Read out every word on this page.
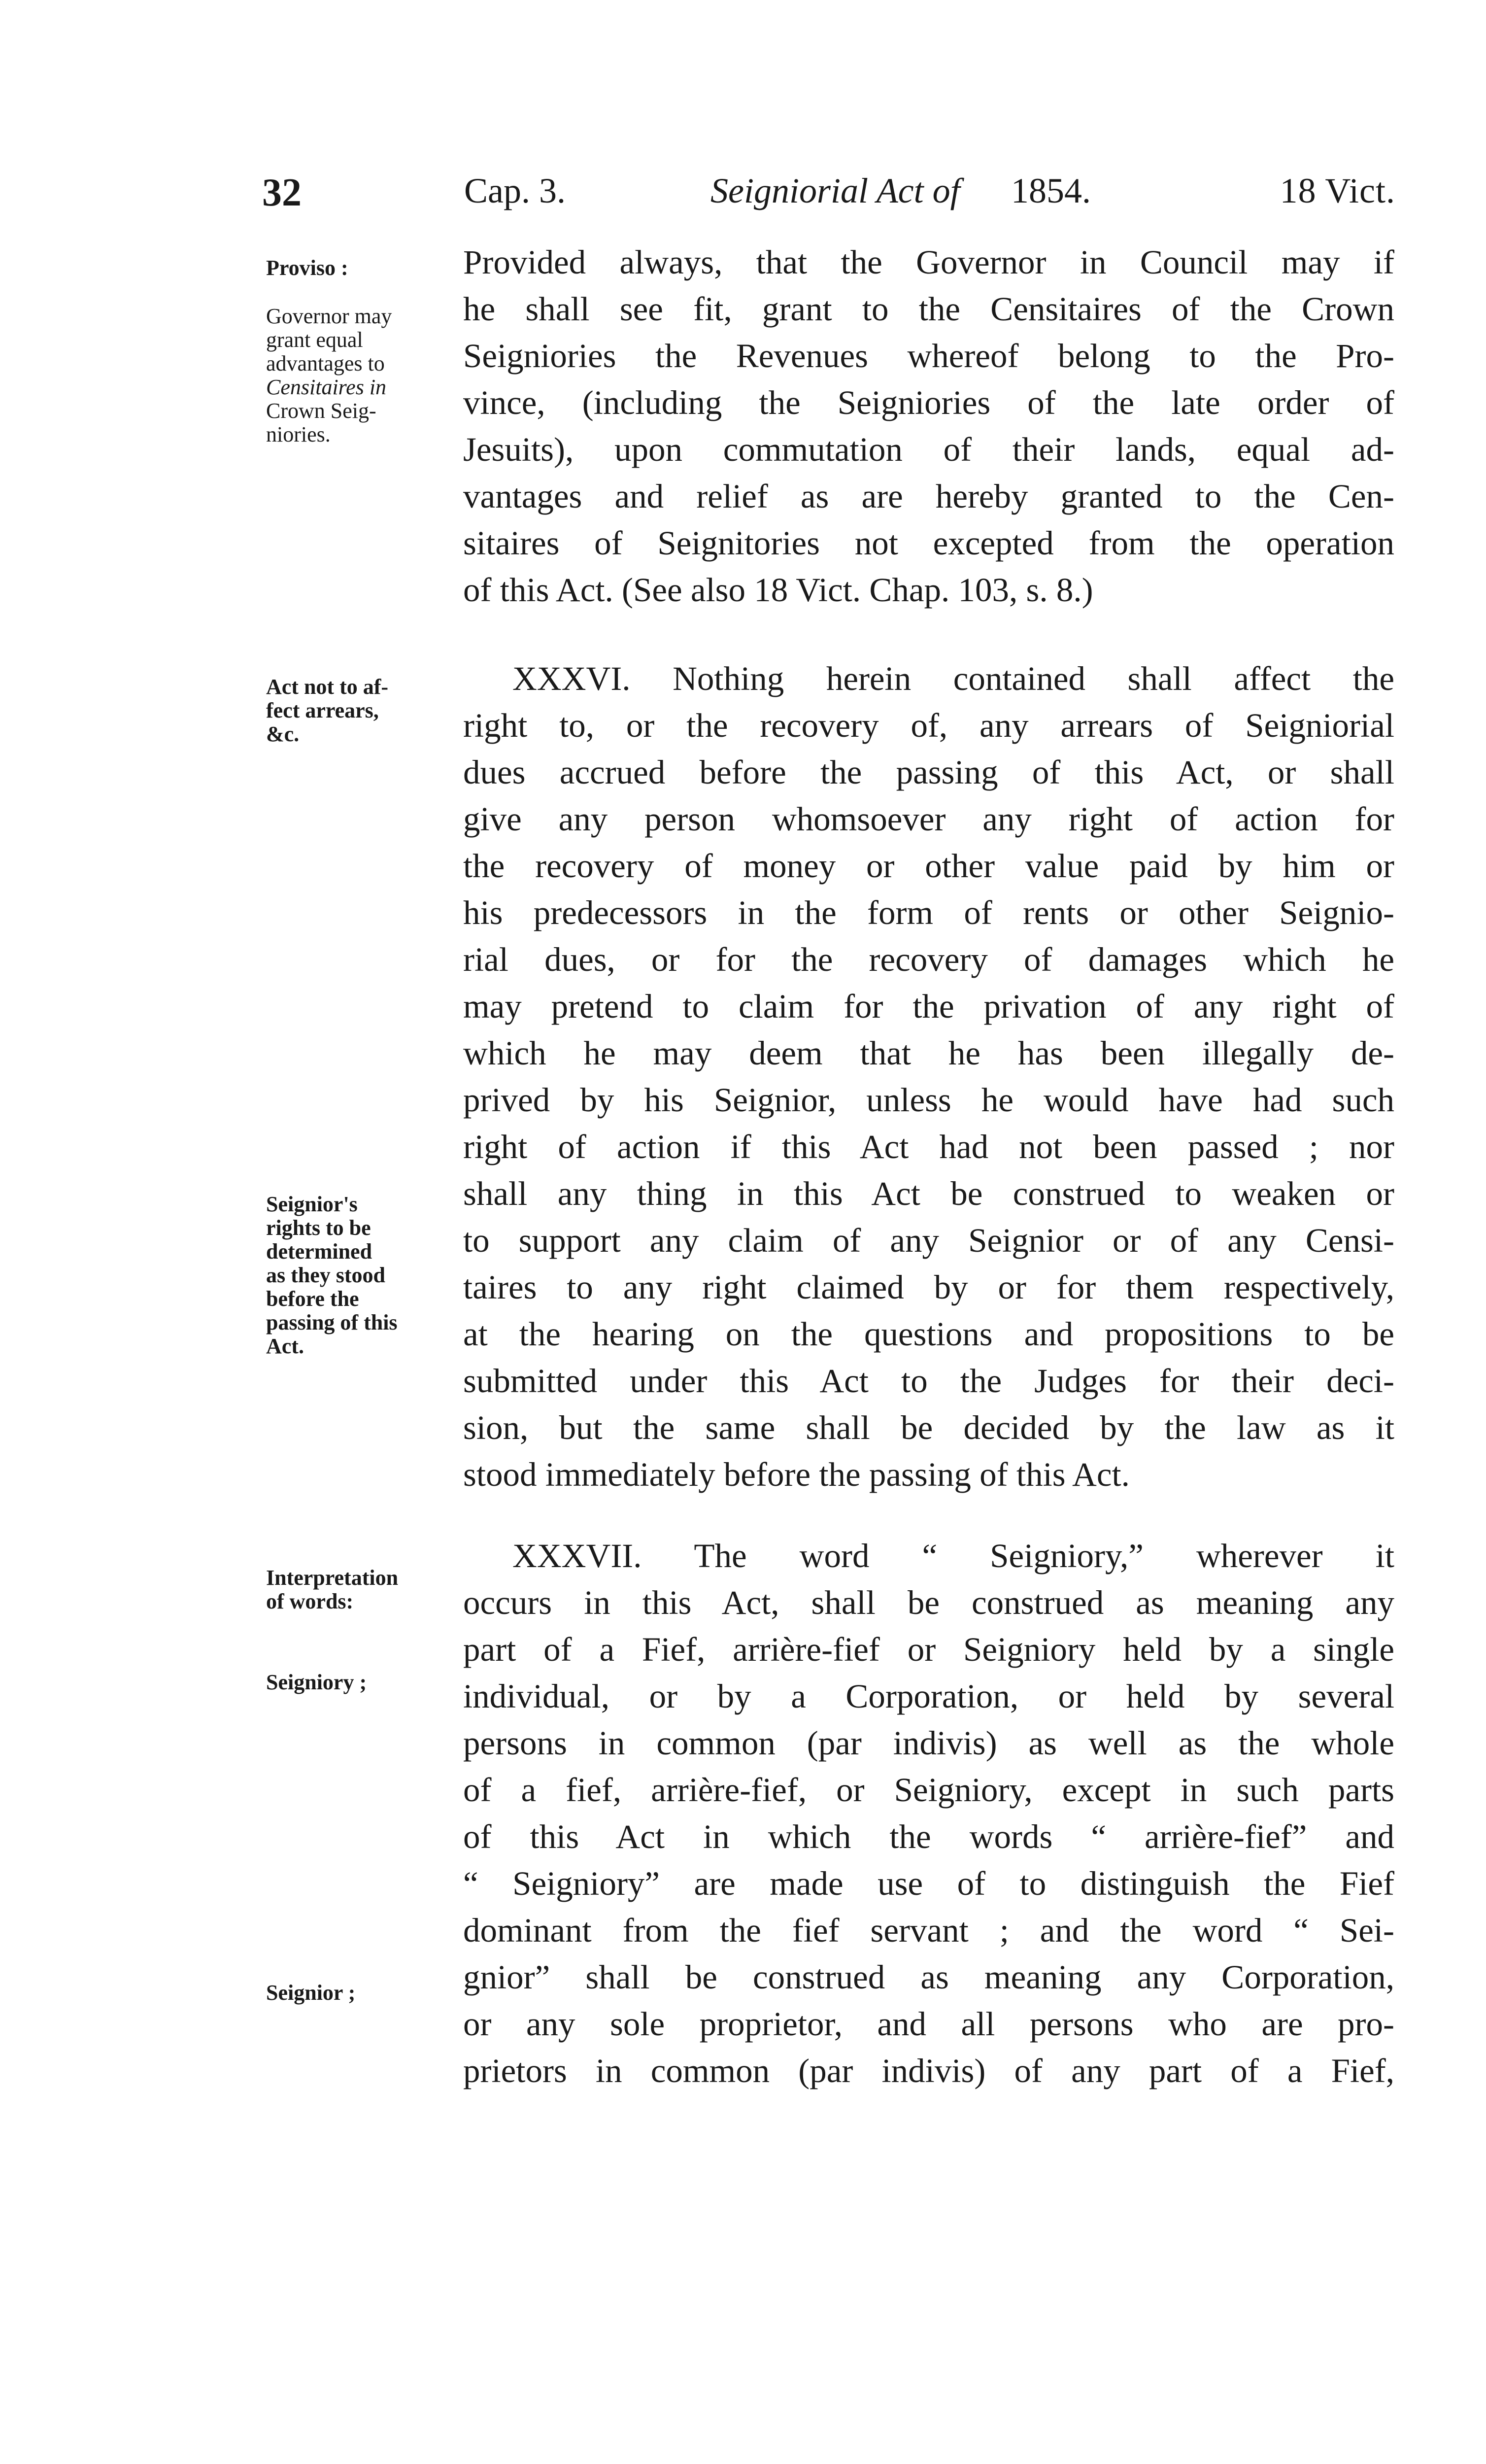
32	Cap. 3.	Seigniorial Act of 1854.	18 Vict.
Proviso :
Governor may
grant equal
advantages to
Censitaires in
Crown Seig-
niories.
Act not to af-
fect arrears,
&c.
Seignior's
rights to be
determined
as they stood
before the
passing of this
Act.
Interpretation
of words:
Seigniory ;
Seignior ;
Provided always, that the Governor in Council may if
he shall see fit, grant to the Censitaires of the Crown
Seigniories the Revenues whereof belong to the Pro-
vince, (including the Seigniories of the late order of
Jesuits), upon commutation of their lands, equal ad-
vantages and relief as are hereby granted to the Cen-
sitaires of Seignitories not excepted from the operation
of this Act. (See also 18 Vict. Chap. 103, s. 8.)
XXXVI. Nothing herein contained shall affect the
right to, or the recovery of, any arrears of Seigniorial
dues accrued before the passing of this Act, or shall
give any person whomsoever any right of action for
the recovery of money or other value paid by him or
his predecessors in the form of rents or other Seignio-
rial dues, or for the recovery of damages which he
may pretend to claim for the privation of any right of
which he may deem that he has been illegally de-
prived by his Seignior, unless he would have had such
right of action if this Act had not been passed ; nor
shall any thing in this Act be construed to weaken or
to support any claim of any Seignior or of any Censi-
taires to any right claimed by or for them respectively,
at the hearing on the questions and propositions to be
submitted under this Act to the Judges for their deci-
sion, but the same shall be decided by the law as it
stood immediately before the passing of this Act.
XXXVII. The word “ Seigniory,” wherever it
occurs in this Act, shall be construed as meaning any
part of a Fief, arrière-fief or Seigniory held by a single
individual, or by a Corporation, or held by several
persons in common (par indivis) as well as the whole
of a fief, arrière-fief, or Seigniory, except in such parts
of this Act in which the words “ arrière-fief” and
“ Seigniory” are made use of to distinguish the Fief
dominant from the fief servant ; and the word “ Sei-
gnior” shall be construed as meaning any Corporation,
or any sole proprietor, and all persons who are pro-
prietors in common (par indivis) of any part of a Fief,
